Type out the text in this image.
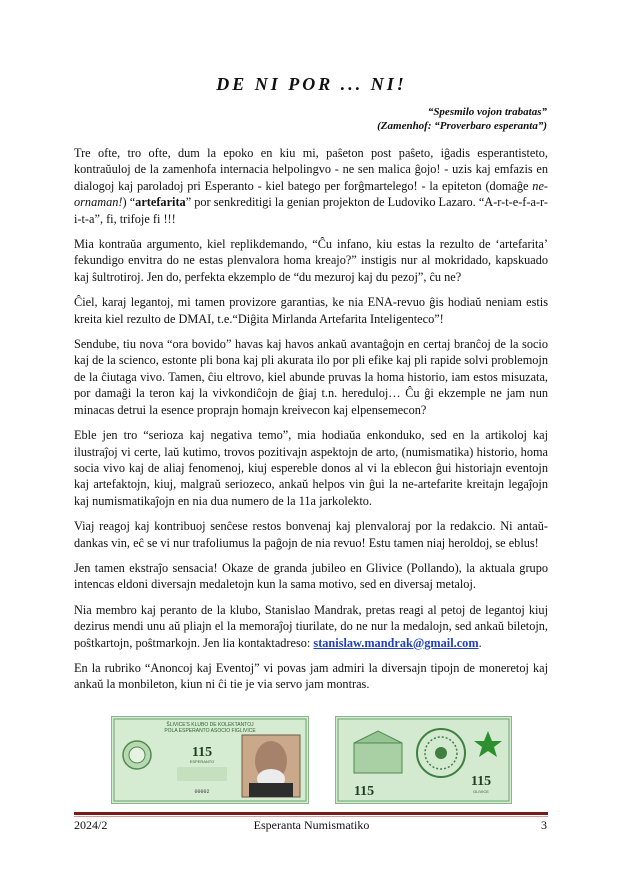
DE NI POR ... NI!
“Spesmilo vojon trabatas”
(Zamenhof: “Proverbaro esperanta”)

Tre ofte, tro ofte, dum la epoko en kiu mi, paŝeton post paŝeto, iĝadis esperantisteto, kontraŭuloj de la zamenhofa internacia helpolingvo - ne sen malica ĝojo! - uzis kaj emfazis en dialogoj kaj paroladoj pri Esperanto - kiel batego per forĝmartelego! - la epiteton (domaĝe ne-ornaman!) “artefarita” por senkreditigi la genian projekton de Ludoviko Lazaro. “A-r-t-e-f-a-r-i-t-a”, fi, trifoje fi !!!

Mia kontraŭa argumento, kiel replikdemando, “Ĉu infano, kiu estas la rezulto de ‘artefarita’ fekundigo envitra do ne estas plenvalora homa kreajo?” instigis nur al mokridado, kapskuado kaj ŝultrotiroj. Jen do, perfekta ekzemplo de “du mezuroj kaj du pezoj”, ĉu ne?

Ĉiel, karaj legantoj, mi tamen provizore garantias, ke nia ENA-revuo ĝis hodiaŭ neniam estis kreita kiel rezulto de DMAI, t.e.“Diĝita Mirlanda Artefarita Inteligenteco”!

Sendube, tiu nova “ora bovido” havas kaj havos ankaŭ avantaĝojn en certaj branĉoj de la socio kaj de la scienco, estonte pli bona kaj pli akurata ilo por pli efike kaj pli rapide solvi problemojn de la ĉiutaga vivo. Tamen, ĉiu eltrovo, kiel abunde pruvas la homa historio, iam estos misuzata, por damaĝi la teron kaj la vivkondiĉojn de ĝiaj t.n. hereduloj… Ĉu ĝi ekzemple ne jam nun minacas detrui la esence proprajn homajn kreivecon kaj elpensemecon?

Eble jen tro “serioza kaj negativa temo”, mia hodiaŭa enkonduko, sed en la artikoloj kaj ilustraĵoj vi certe, laŭ kutimo, trovos pozitivajn aspektojn de arto, (numismatika) historio, homa socia vivo kaj de aliaj fenomenoj, kiuj espereble donos al vi la eblecon ĝui historiajn eventojn kaj artefaktojn, kiuj, malgraŭ seriozeco, ankaŭ helpos vin ĝui la ne-artefarite kreitajn legaĵojn kaj numismatikaĵojn en nia dua numero de la 11a jarkolekto.

Viaj reagoj kaj kontribuoj senĉese restos bonvenaj kaj plenvaloraj por la redakcio. Ni antaŭ-dankas vin, eĉ se vi nur trafoliumus la paĝojn de nia revuo! Estu tamen niaj heroldoj, se eblus!

Jen tamen ekstraĵo sensacia! Okaze de granda jubileo en Glivice (Pollando), la aktuala grupo intencas eldoni diversajn medaletojn kun la sama motivo, sed en diversaj metaloj.

Nia membro kaj peranto de la klubo, Stanislao Mandrak, pretas reagi al petoj de legantoj kiuj dezirus mendi unu aŭ pliajn el la memoraĵoj tiurilate, do ne nur la medalojn, sed ankaŭ biletojn, poŝtkartojn, poŝtmarkojn. Jen lia kontaktadreso: stanislaw.mandrak@gmail.com.

En la rubriko “Anoncoj kaj Eventoj” vi povas jam admiri la diversajn tipojn de moneretoj kaj ankaŭ la monbileton, kiun ni ĉi tie je via servo jam montras.

ŜLIVICE'S KLUBO DE KOLEKTANTOJ
POLA ESPERANTO ASOCIO FIGLIVICE
115
ESPERANTO
00002	115
115
GLIVICE
2024/2	Esperanta Numismatiko	3
